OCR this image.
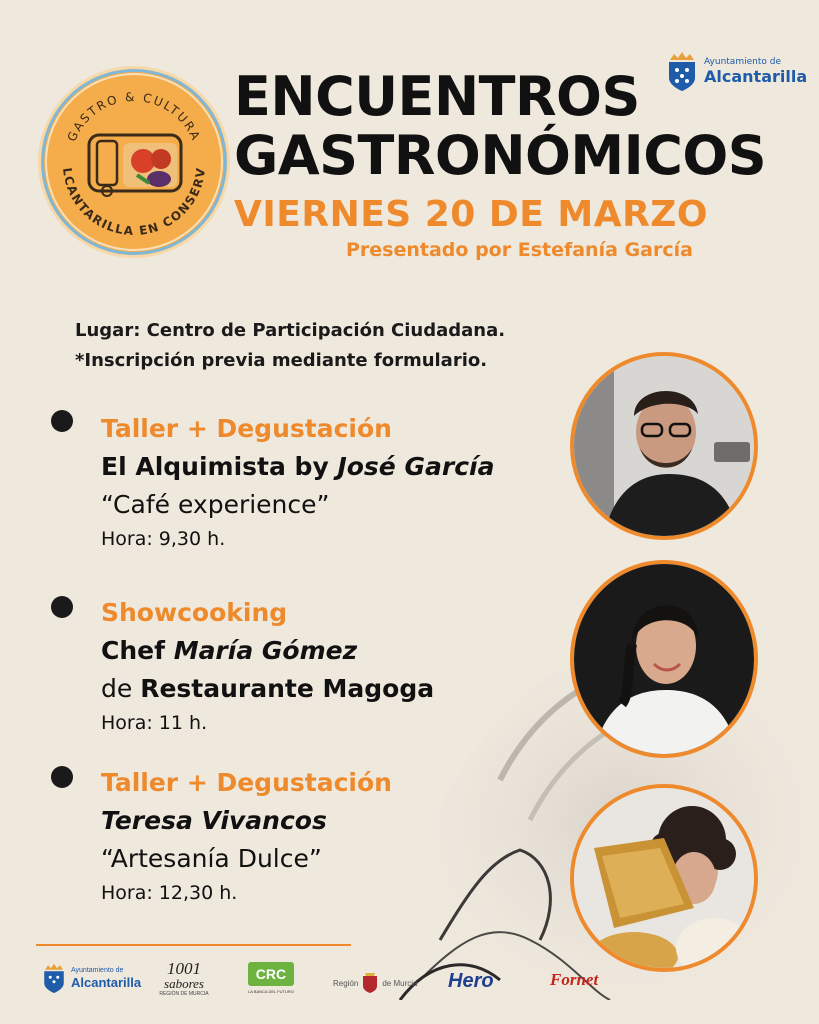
GASTRO & CULTURA
LCANTARILLA EN CONSERV
ENCUENTROS
GASTRONÓMICOS
VIERNES 20 DE MARZO
Presentado por Estefanía García
Ayuntamiento de
Alcantarilla
Lugar: Centro de Participación Ciudadana.
*Inscripción previa mediante formulario.
Taller + Degustación
El Alquimista by José García
“Café experience”
Hora: 9,30 h.
Showcooking
Chef María Gómez
de Restaurante Magoga
Hora: 11 h.
Taller + Degustación
Teresa Vivancos
“Artesanía Dulce”
Hora: 12,30 h.
Ayuntamiento de
Alcantarilla
1001
sabores
REGIÓN DE MURCIA
CRC
LA BANCA DEL FUTURO
Región	de Murcia Hero	Fornet
